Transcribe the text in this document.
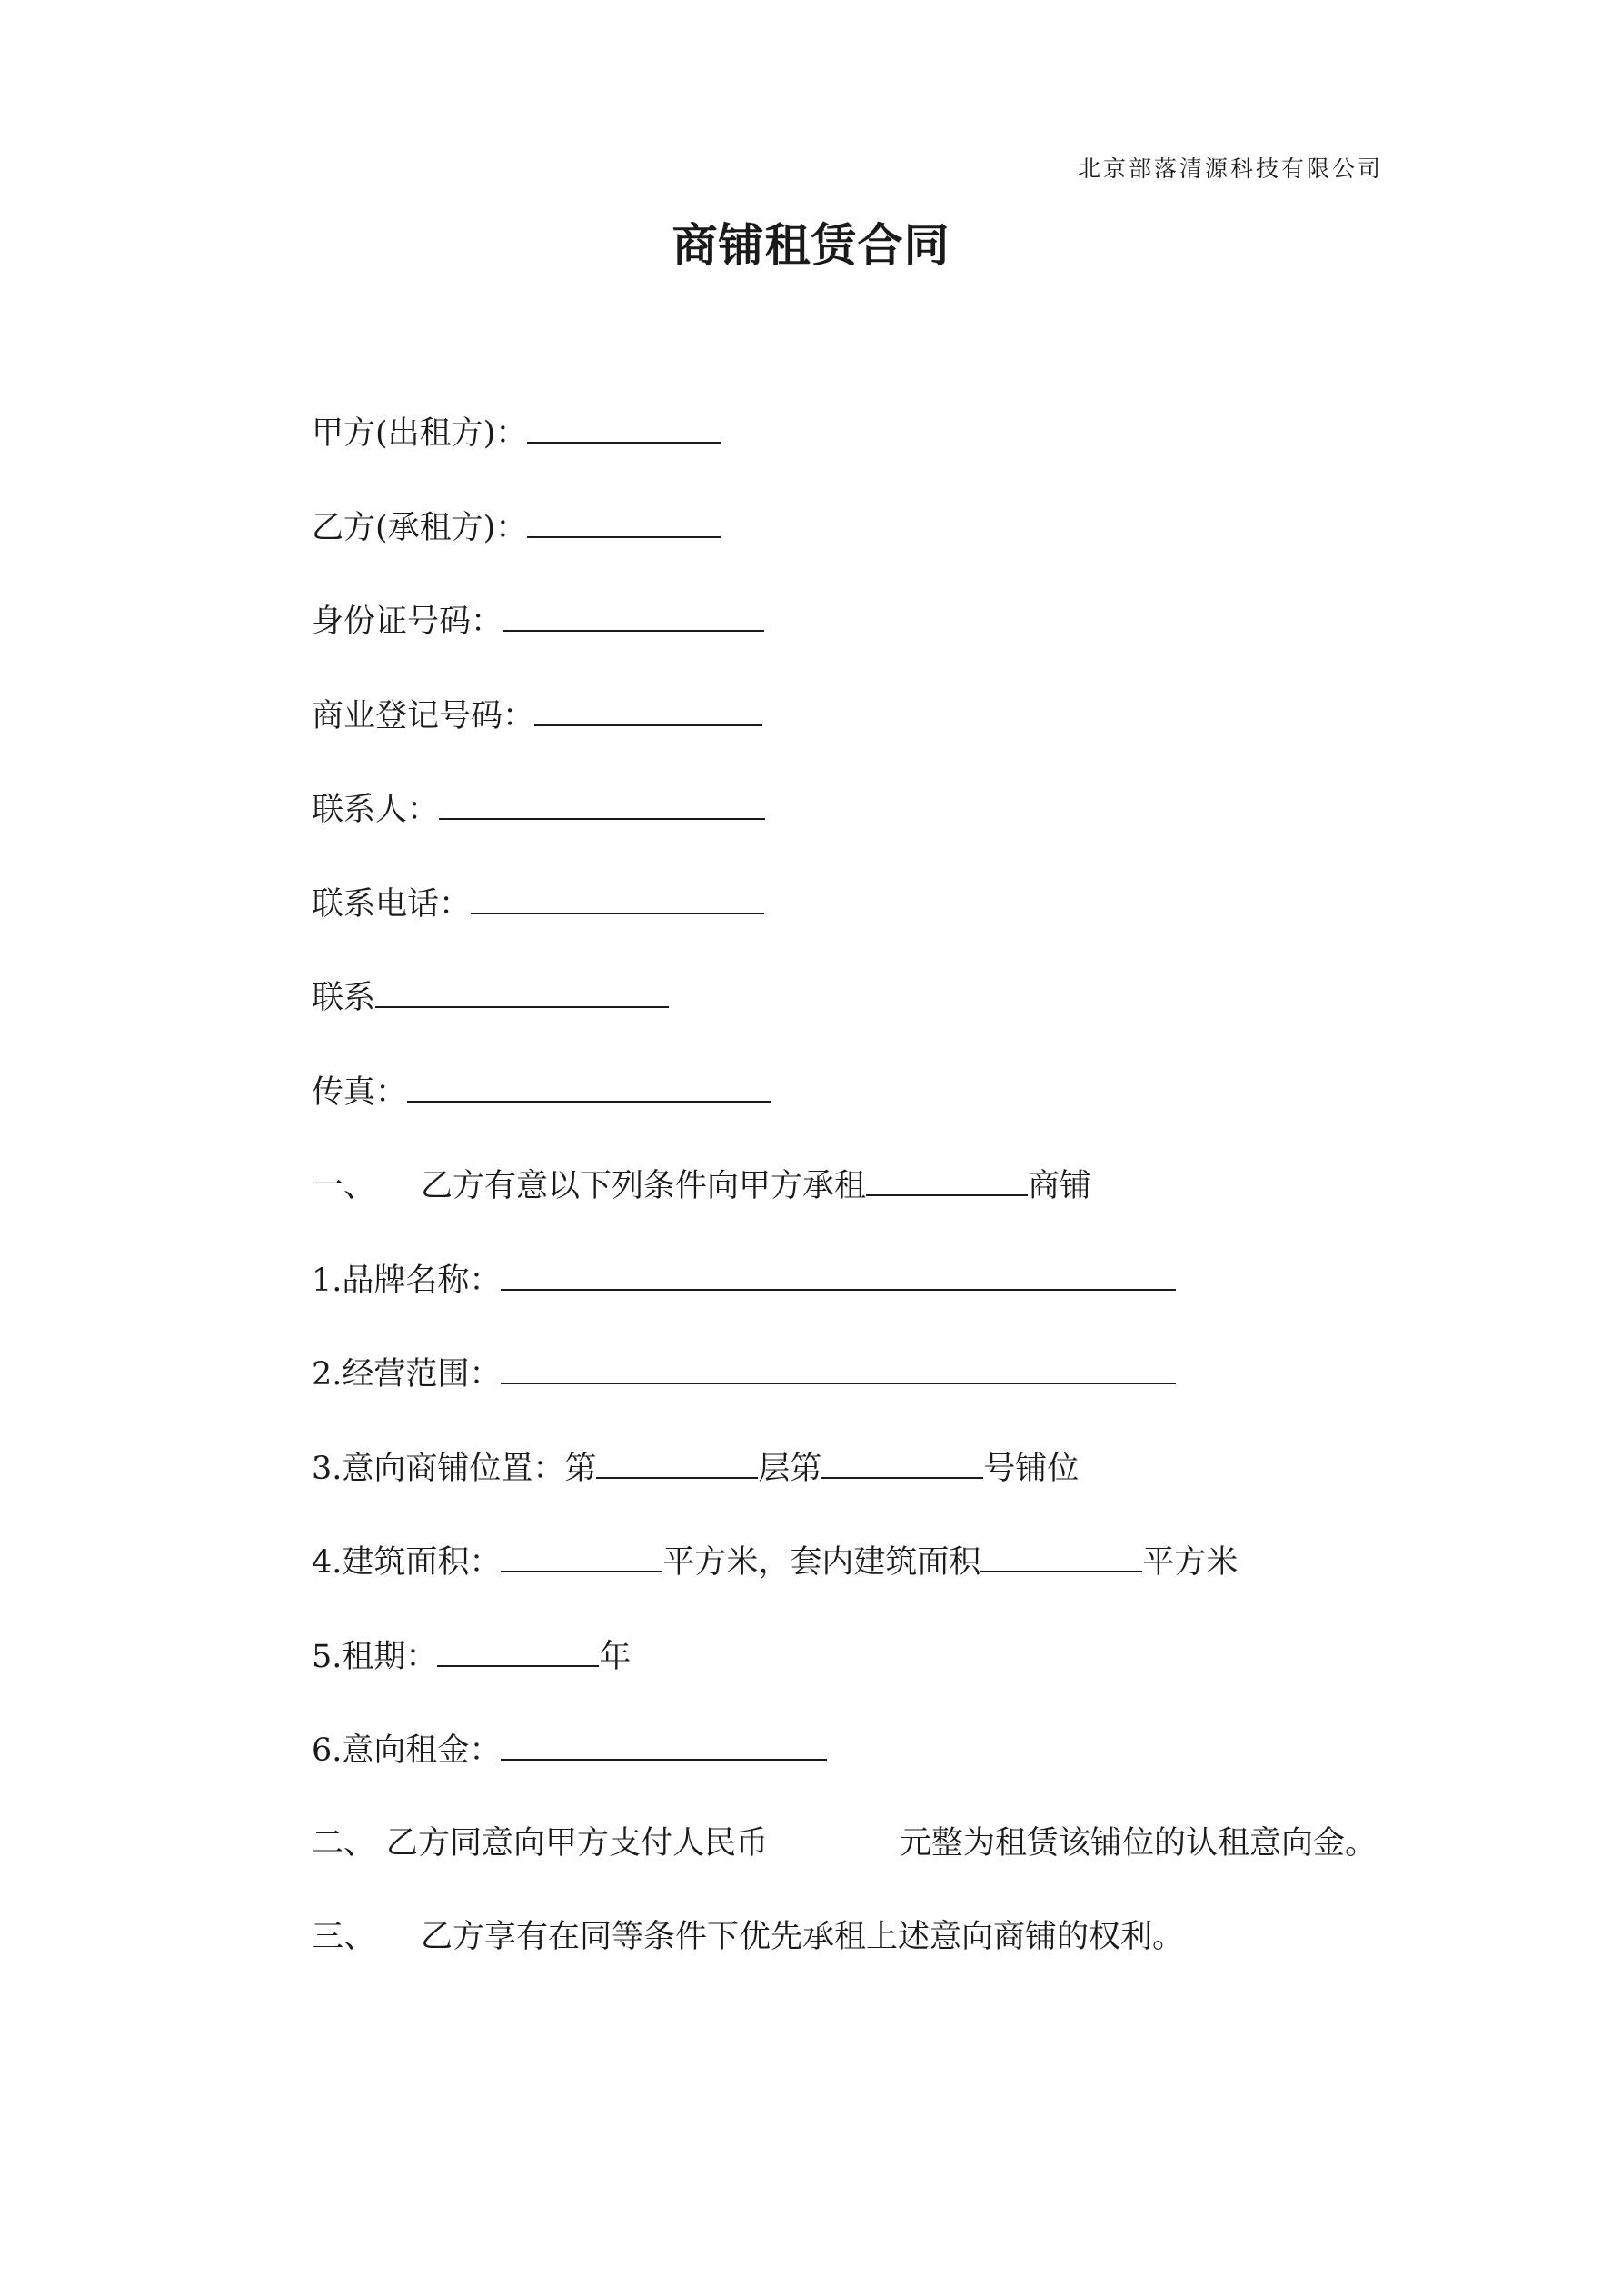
北京部落清源科技有限公司
商铺租赁合同
甲方(出租方)：
乙方(承租方)：
身份证号码：
商业登记号码：
联系人：
联系电话：
联系
传真：
一、 乙方有意以下列条件向甲方承租	商铺
1.品牌名称：
2.经营范围：
3.意向商铺位置：第	层第	号铺位
4.建筑面积：	平方米，套内建筑面积	平方米
5.租期：	年
6.意向租金：
二、 乙方同意向甲方支付人民币	元整为租赁该铺位的认租意向金。
三、 乙方享有在同等条件下优先承租上述意向商铺的权利。
